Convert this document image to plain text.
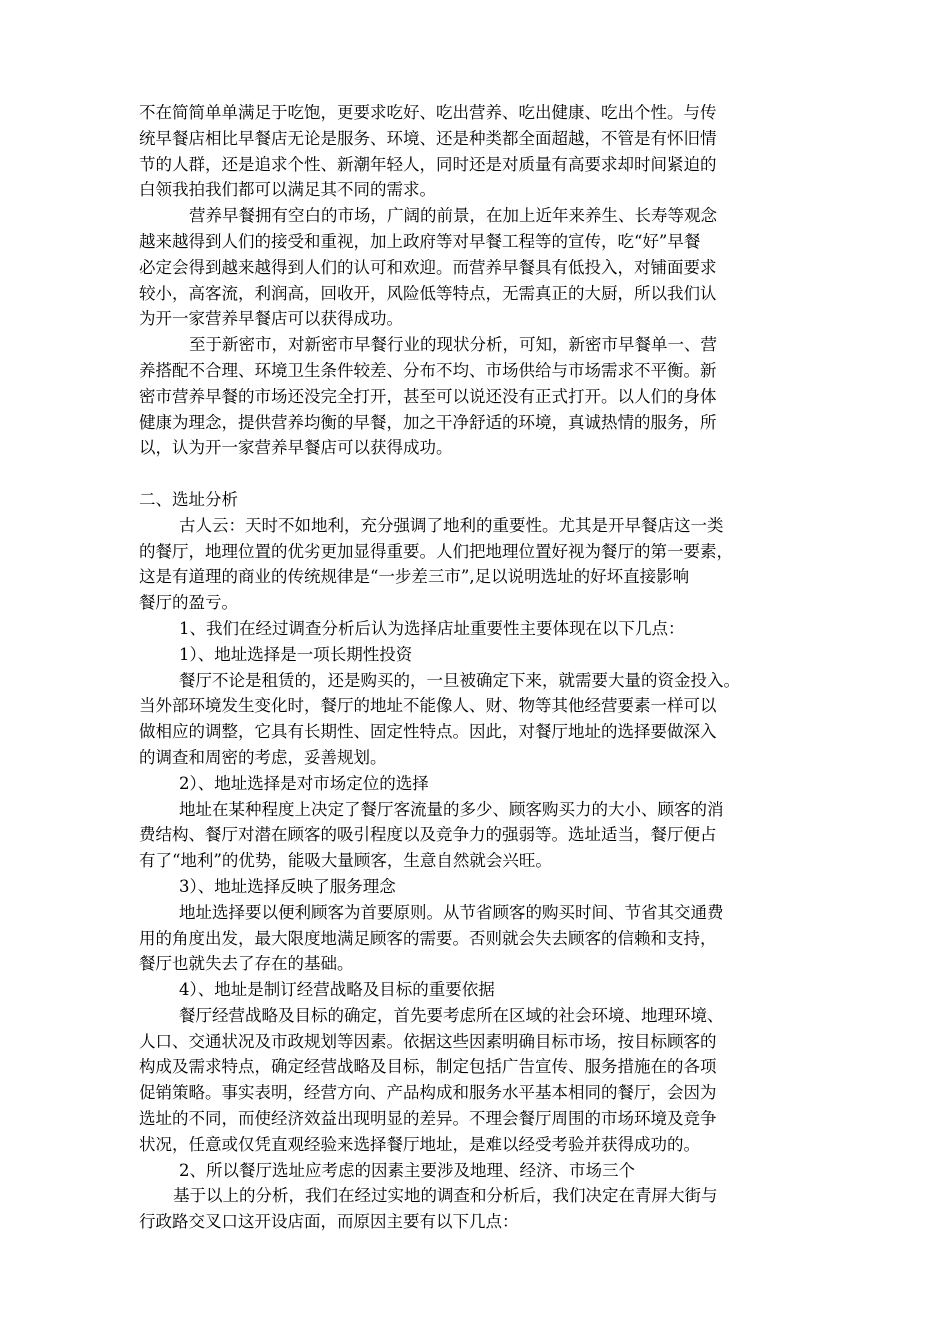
不在简简单单满足于吃饱，更要求吃好、吃出营养、吃出健康、吃出个性。与传
统早餐店相比早餐店无论是服务、环境、还是种类都全面超越，不管是有怀旧情
节的人群，还是追求个性、新潮年轻人，同时还是对质量有高要求却时间紧迫的
白领我拍我们都可以满足其不同的需求。
营养早餐拥有空白的市场，广阔的前景，在加上近年来养生、长寿等观念
越来越得到人们的接受和重视，加上政府等对早餐工程等的宣传，吃“好”早餐
必定会得到越来越得到人们的认可和欢迎。而营养早餐具有低投入，对铺面要求
较小，高客流，利润高，回收开，风险低等特点，无需真正的大厨，所以我们认
为开一家营养早餐店可以获得成功。
至于新密市，对新密市早餐行业的现状分析，可知，新密市早餐单一、营
养搭配不合理、环境卫生条件较差、分布不均、市场供给与市场需求不平衡。新
密市营养早餐的市场还没完全打开，甚至可以说还没有正式打开。以人们的身体
健康为理念，提供营养均衡的早餐，加之干净舒适的环境，真诚热情的服务，所
以，认为开一家营养早餐店可以获得成功。
二、选址分析
古人云：天时不如地利，充分强调了地利的重要性。尤其是开早餐店这一类
的餐厅，地理位置的优劣更加显得重要。人们把地理位置好视为餐厅的第一要素，
这是有道理的商业的传统规律是“一步差三市”,足以说明选址的好坏直接影响
餐厅的盈亏。
1、我们在经过调查分析后认为选择店址重要性主要体现在以下几点：
1）、地址选择是一项长期性投资
餐厅不论是租赁的，还是购买的，一旦被确定下来，就需要大量的资金投入。
当外部环境发生变化时，餐厅的地址不能像人、财、物等其他经营要素一样可以
做相应的调整，它具有长期性、固定性特点。因此，对餐厅地址的选择要做深入
的调查和周密的考虑，妥善规划。
2）、地址选择是对市场定位的选择
地址在某种程度上决定了餐厅客流量的多少、顾客购买力的大小、顾客的消
费结构、餐厅对潜在顾客的吸引程度以及竞争力的强弱等。选址适当，餐厅便占
有了“地利”的优势，能吸大量顾客，生意自然就会兴旺。
3）、地址选择反映了服务理念
地址选择要以便利顾客为首要原则。从节省顾客的购买时间、节省其交通费
用的角度出发，最大限度地满足顾客的需要。否则就会失去顾客的信赖和支持，
餐厅也就失去了存在的基础。
4）、地址是制订经营战略及目标的重要依据
餐厅经营战略及目标的确定，首先要考虑所在区域的社会环境、地理环境、
人口、交通状况及市政规划等因素。依据这些因素明确目标市场，按目标顾客的
构成及需求特点，确定经营战略及目标，制定包括广告宣传、服务措施在的各项
促销策略。事实表明，经营方向、产品构成和服务水平基本相同的餐厅，会因为
选址的不同，而使经济效益出现明显的差异。不理会餐厅周围的市场环境及竞争
状况，任意或仅凭直观经验来选择餐厅地址，是难以经受考验并获得成功的。
2、所以餐厅选址应考虑的因素主要涉及地理、经济、市场三个
基于以上的分析，我们在经过实地的调查和分析后，我们决定在青屏大街与
行政路交叉口这开设店面，而原因主要有以下几点：
